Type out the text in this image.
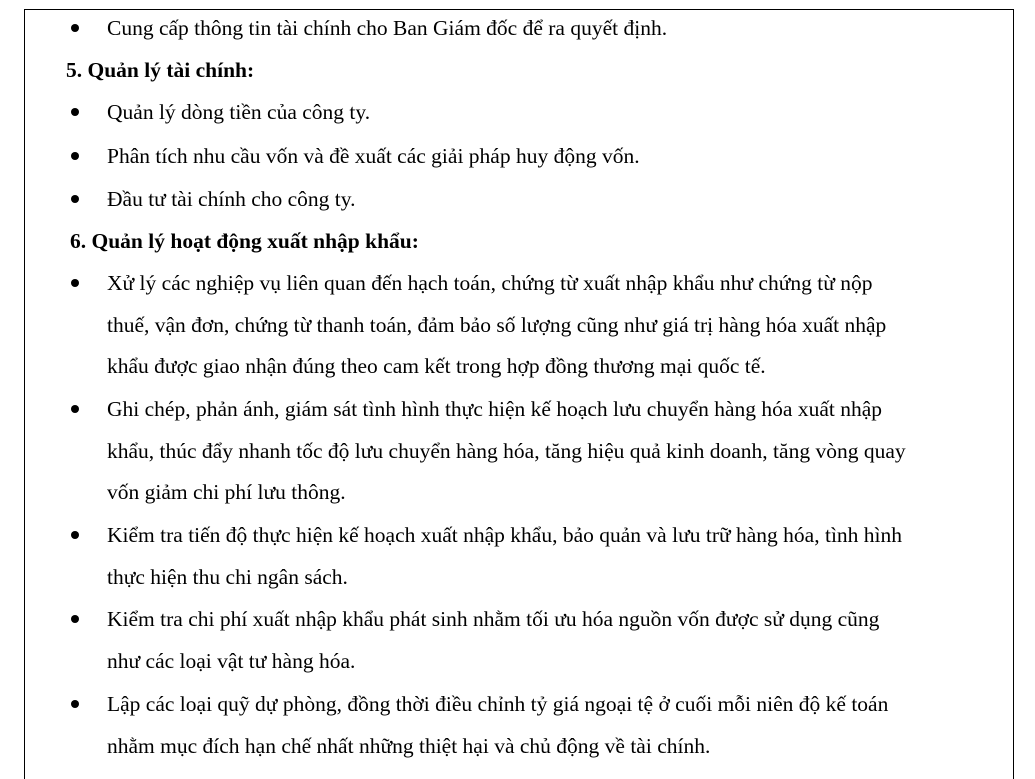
Cung cấp thông tin tài chính cho Ban Giám đốc để ra quyết định.
5. Quản lý tài chính:
Quản lý dòng tiền của công ty.
Phân tích nhu cầu vốn và đề xuất các giải pháp huy động vốn.
Đầu tư tài chính cho công ty.
6. Quản lý hoạt động xuất nhập khẩu:
Xử lý các nghiệp vụ liên quan đến hạch toán, chứng từ xuất nhập khẩu như chứng từ nộp
thuế, vận đơn, chứng từ thanh toán, đảm bảo số lượng cũng như giá trị hàng hóa xuất nhập
khẩu được giao nhận đúng theo cam kết trong hợp đồng thương mại quốc tế.
Ghi chép, phản ánh, giám sát tình hình thực hiện kế hoạch lưu chuyển hàng hóa xuất nhập
khẩu, thúc đẩy nhanh tốc độ lưu chuyển hàng hóa, tăng hiệu quả kinh doanh, tăng vòng quay
vốn giảm chi phí lưu thông.
Kiểm tra tiến độ thực hiện kế hoạch xuất nhập khẩu, bảo quản và lưu trữ hàng hóa, tình hình
thực hiện thu chi ngân sách.
Kiểm tra chi phí xuất nhập khẩu phát sinh nhằm tối ưu hóa nguồn vốn được sử dụng cũng
như các loại vật tư hàng hóa.
Lập các loại quỹ dự phòng, đồng thời điều chỉnh tỷ giá ngoại tệ ở cuối mỗi niên độ kế toán
nhằm mục đích hạn chế nhất những thiệt hại và chủ động về tài chính.
